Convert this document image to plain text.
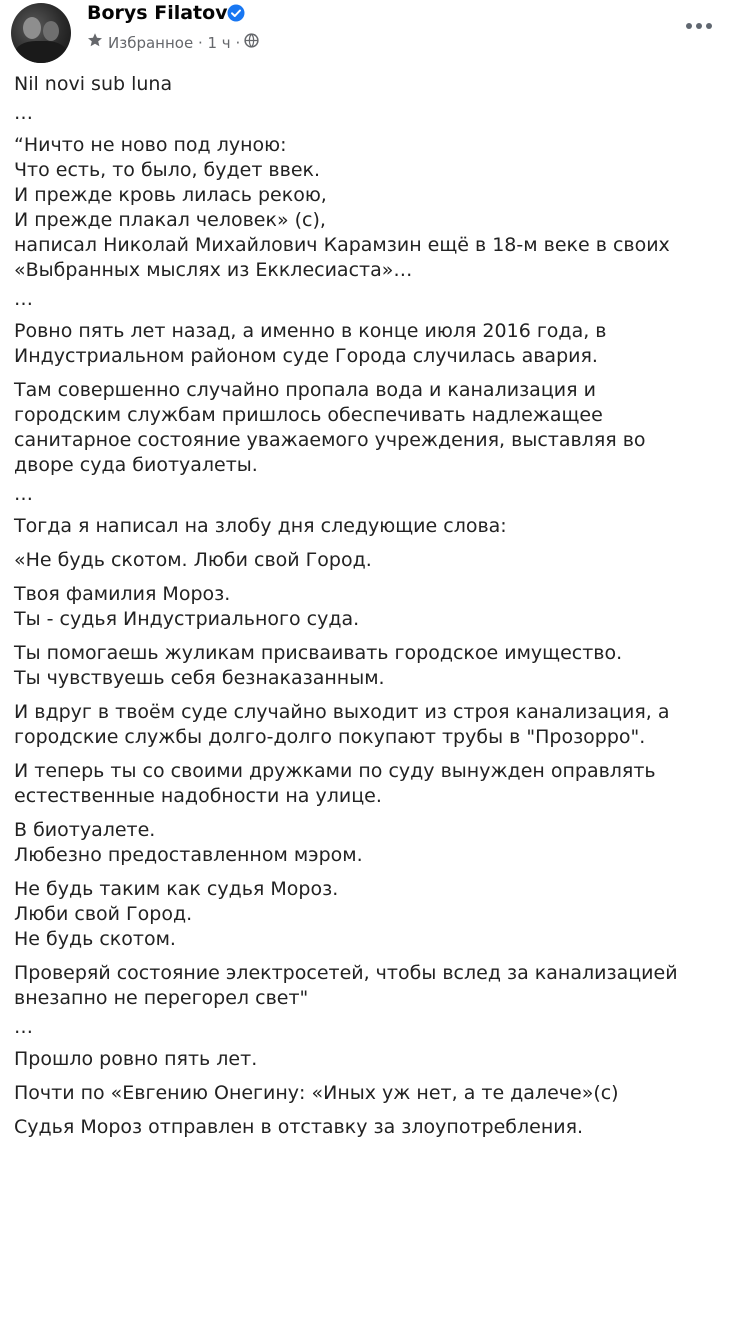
Borys Filatov
Избранное · 1 ч ·

Nil novi sub luna

…

“Ничто не ново под луною:
Что есть, то было, будет ввек.
И прежде кровь лилась рекою,
И прежде плакал человек» (с),
написал Николай Михайлович Карамзин ещё в 18-м веке в своих
«Выбранных мыслях из Екклесиаста»…

…

Ровно пять лет назад, а именно в конце июля 2016 года, в
Индустриальном районом суде Города случилась авария.

Там совершенно случайно пропала вода и канализация и
городским службам пришлось обеспечивать надлежащее
санитарное состояние уважаемого учреждения, выставляя во
дворе суда биотуалеты.

…

Тогда я написал на злобу дня следующие слова:

«Не будь скотом. Люби свой Город.

Твоя фамилия Мороз.
Ты - судья Индустриального суда.

Ты помогаешь жуликам присваивать городское имущество.
Ты чувствуешь себя безнаказанным.

И вдруг в твоём суде случайно выходит из строя канализация, а
городские службы долго-долго покупают трубы в "Прозорро".

И теперь ты со своими дружками по суду вынужден оправлять
естественные надобности на улице.

В биотуалете.
Любезно предоставленном мэром.

Не будь таким как судья Мороз.
Люби свой Город.
Не будь скотом.

Проверяй состояние электросетей, чтобы вслед за канализацией
внезапно не перегорел свет"

…

Прошло ровно пять лет.

Почти по «Евгению Онегину: «Иных уж нет, а те далече»(с)

Судья Мороз отправлен в отставку за злоупотребления.
